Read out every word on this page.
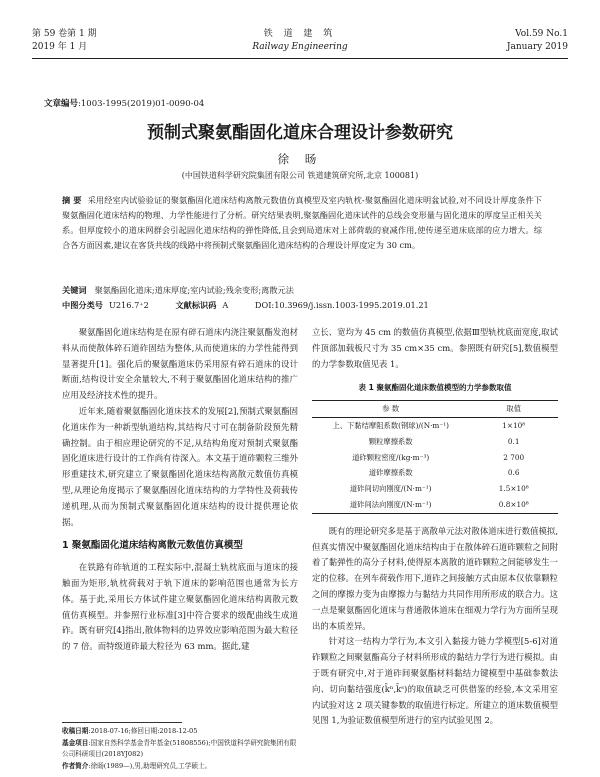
第 59 卷第 1 期
2019 年 1 月
铁 道 建 筑
Railway Engineering
Vol.59 No.1
January 2019
文章编号:1003-1995(2019)01-0090-04
预制式聚氨酯固化道床合理设计参数研究
徐 旸
(中国铁道科学研究院集团有限公司 铁道建筑研究所,北京 100081)
摘 要 采用经室内试验验证的聚氨酯固化道床结构离散元数值仿真模型及室内轨枕-聚氨酯固化道床明盆试验,对不同设计厚度条件下聚氨酯固化道床结构的物理、力学性能进行了分析。研究结果表明,聚氨酯固化道床试件的总线会变形量与固化道床的厚度呈正相关关系。但厚度较小的道床网群会引起固化道床结构的弹性降低,且会到局道床对上部荷载的衰减作用,使传递至道床底部的应力增大。综合各方面因素,建议在客货共线的线路中将预制式聚氨酯固化道床结构的合理设计厚度定为 30 cm。
关键词 聚氨酯固化道床;道床厚度;室内试验;残余变形;离散元法
中图分类号 U216.7⁺2	文献标识码 A	DOI:10.3969/j.issn.1003-1995.2019.01.21

聚氨酯固化道床结构是在原有碎石道床内浇注聚氨酯发泡材料从而使散体碎石道砟固结为整体,从而使道床的力学性能得到显著提升[1]。强化后的聚氨酯道床仍采用原有碎石道床的设计断面,结构设计安全余量较大,不利于聚氨酯固化道床结构的推广应用及经济技术性的提升。

近年来,随着聚氨酯固化道床技术的发展[2],预制式聚氨酯固化道床作为一种新型轨道结构,其结构尺寸可在制备阶段预先精确控制。由于相应理论研究的不足,从结构角度对预制式聚氨酯固化道床进行设计的工作尚有待深入。本文基于道砟颗粒三维外形重建技术,研究建立了聚氨酯固化道床结构离散元数值仿真模型,从理论角度揭示了聚氨酯固化道床结构的力学特性及荷载传递机理,从而为预制式聚氨酯固化道床结构的设计提供理论依据。

1 聚氨酯固化道床结构离散元数值仿真模型

在铁路有砟轨道的工程实际中,混凝土轨枕底面与道床的接触面为矩形,轨枕荷载对于轨下道床的影响范围也通常为长方体。基于此,采用长方体试件建立聚氨酯固化道床结构离散元数值仿真模型。并参照行业标准[3]中符合要求的级配曲线生成道砟。既有研究[4]指出,散体物料的边界效应影响范围为最大粒径的 7 倍。而特级道砟最大粒径为 63 mm。据此,建

立长、宽均为 45 cm 的数值仿真模型,依据Ⅲ型轨枕底面宽度,取试件顶部加载板尺寸为 35 cm×35 cm。参照既有研究[5],数值模型的力学参数取值见表 1。

表 1 聚氨酯固化道床数值模型的力学参数取值
参 数	取值
上、下黏结摩阻系数(钢球)/(N·m⁻¹)	1×10⁸
颗粒摩擦系数	0.1
道砟颗粒密度/(kg·m⁻³)	2 700
道砟摩擦系数	0.6
道砟间切向刚度/(N·m⁻¹)	1.5×10⁸
道砟间法向刚度/(N·m⁻¹)	0.8×10⁸

既有的理论研究多是基于离散单元法对散体道床进行数值模拟,但真实情况中聚氨酯固化道床结构由于在散体碎石道砟颗粒之间附着了黏弹性的高分子材料,使得原本离散的道砟颗粒之间能够发生一定的位移。在列车荷载作用下,道砟之间接触方式由原本仅依靠颗粒之间的摩擦力变为由摩擦力与黏结力共同作用所形成的联合力。这一点是聚氨酯固化道床与普通散体道床在细观力学行为方面所呈现出的本质差异。

针对这一结构力学行为,本文引入黏接力链力学模型[5-6]对道砟颗粒之间聚氨酯高分子材料所形成的黏结力学行为进行模拟。由于既有研究中,对于道砟间聚氨酯材料黏结力键模型中基础参数法向、切向黏结强度(k̄ⁿ,k̄ˢ)的取值缺乏可供借鉴的经验,本文采用室内试验对这 2 项关键参数的取值进行标定。所建立的道床数值模型见图 1,为验证数值模型所进行的室内试验见图 2。

收稿日期:2018-07-16;修回日期:2018-12-05
基金项目:国家自然科学基金青年基金(51808556);中国铁道科学研究院集团有限公司科研项目(2018YJ082)
作者简介:徐旸(1989—),男,助理研究员,工学硕士。
